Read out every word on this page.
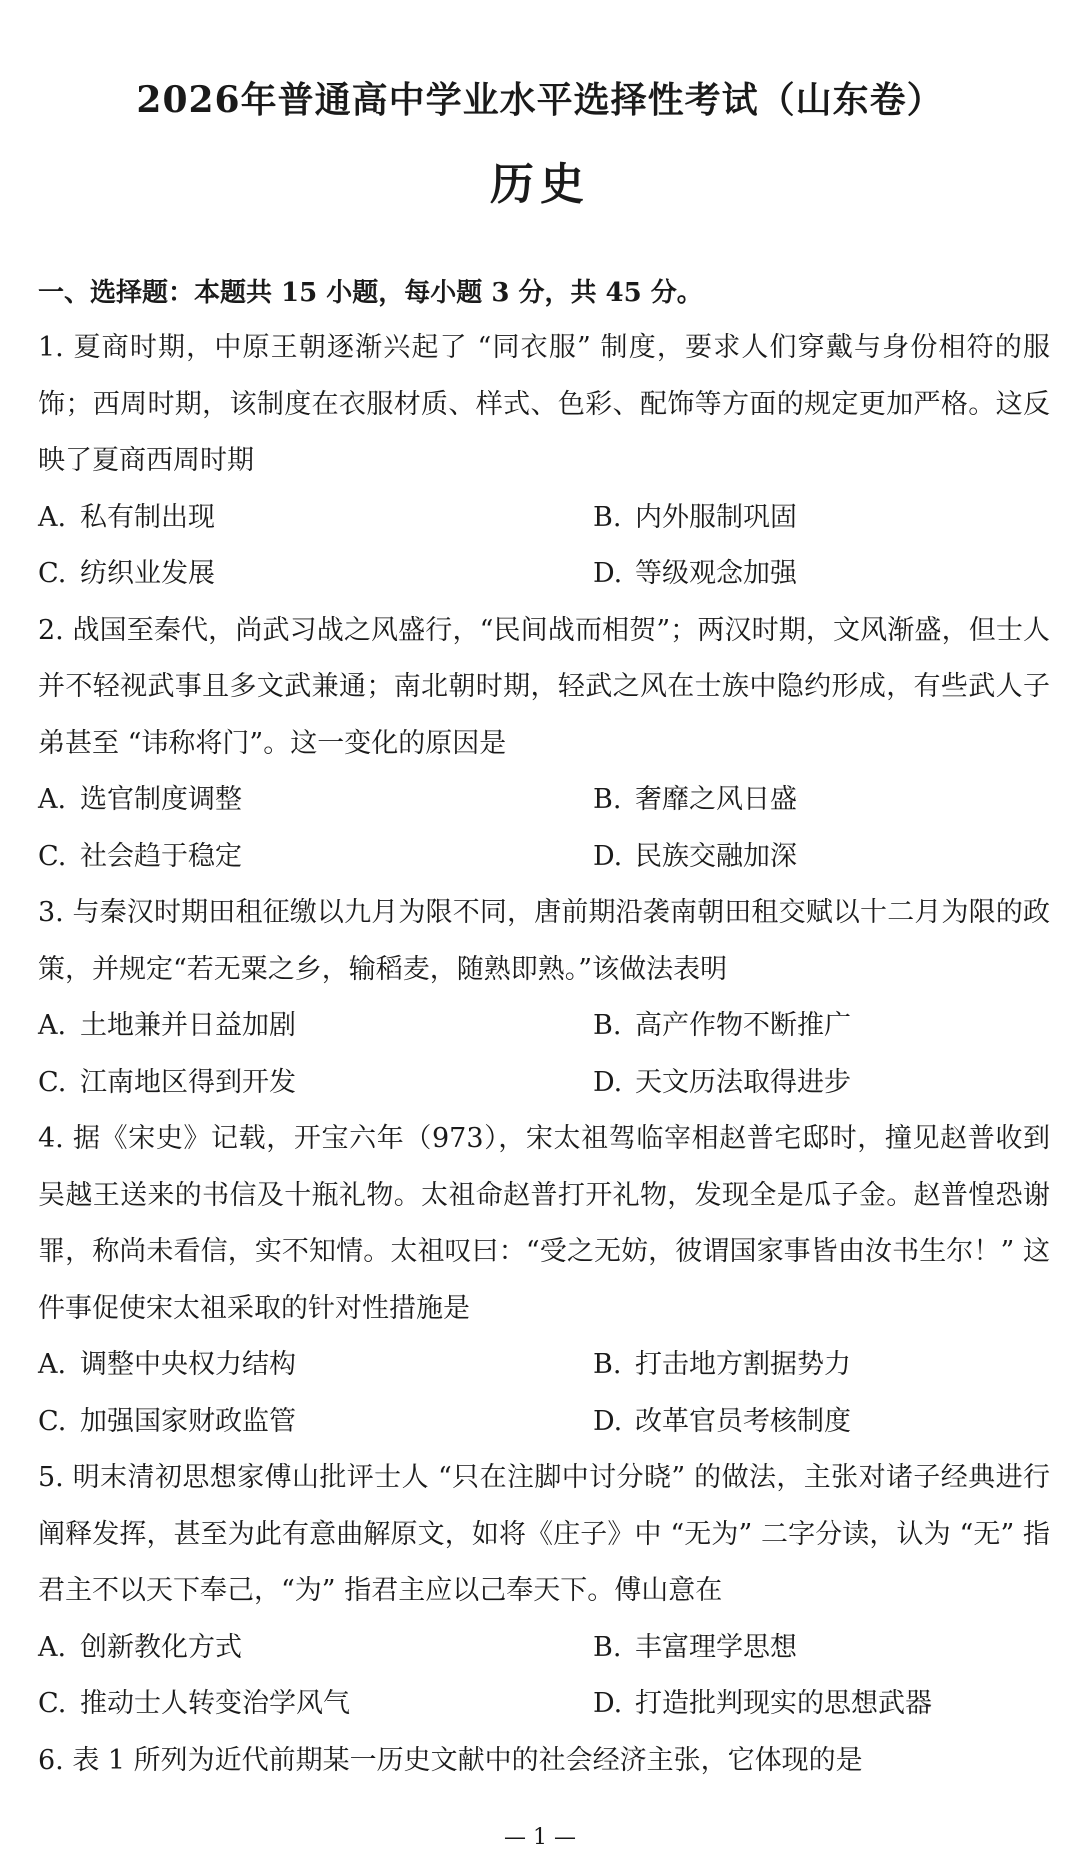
2026年普通高中学业水平选择性考试（山东卷）
历史
一、选择题：本题共 15 小题，每小题 3 分，共 45 分。

1. 夏商时期，中原王朝逐渐兴起了 “同衣服” 制度，要求人们穿戴与身份相符的服饰；西周时期，该制度在衣服材质、样式、色彩、配饰等方面的规定更加严格。这反映了夏商西周时期

A. 私有制出现	B. 内外服制巩固
C. 纺织业发展	D. 等级观念加强

2. 战国至秦代，尚武习战之风盛行，“民间战而相贺”；两汉时期，文风渐盛，但士人并不轻视武事且多文武兼通；南北朝时期，轻武之风在士族中隐约形成，有些武人子弟甚至 “讳称将门”。这一变化的原因是

A. 选官制度调整	B. 奢靡之风日盛
C. 社会趋于稳定	D. 民族交融加深

3. 与秦汉时期田租征缴以九月为限不同，唐前期沿袭南朝田租交赋以十二月为限的政策，并规定“若无粟之乡，输稻麦，随熟即熟。”该做法表明

A. 土地兼并日益加剧	B. 高产作物不断推广
C. 江南地区得到开发	D. 天文历法取得进步

4. 据《宋史》记载，开宝六年（973），宋太祖驾临宰相赵普宅邸时，撞见赵普收到吴越王送来的书信及十瓶礼物。太祖命赵普打开礼物，发现全是瓜子金。赵普惶恐谢罪，称尚未看信，实不知情。太祖叹曰：“受之无妨，彼谓国家事皆由汝书生尔！” 这件事促使宋太祖采取的针对性措施是

A. 调整中央权力结构	B. 打击地方割据势力
C. 加强国家财政监管	D. 改革官员考核制度

5. 明末清初思想家傅山批评士人 “只在注脚中讨分晓” 的做法，主张对诸子经典进行阐释发挥，甚至为此有意曲解原文，如将《庄子》中 “无为” 二字分读，认为 “无” 指君主不以天下奉己，“为” 指君主应以己奉天下。傅山意在

A. 创新教化方式	B. 丰富理学思想
C. 推动士人转变治学风气	D. 打造批判现实的思想武器

6. 表 1 所列为近代前期某一历史文献中的社会经济主张，它体现的是

— 1 —
